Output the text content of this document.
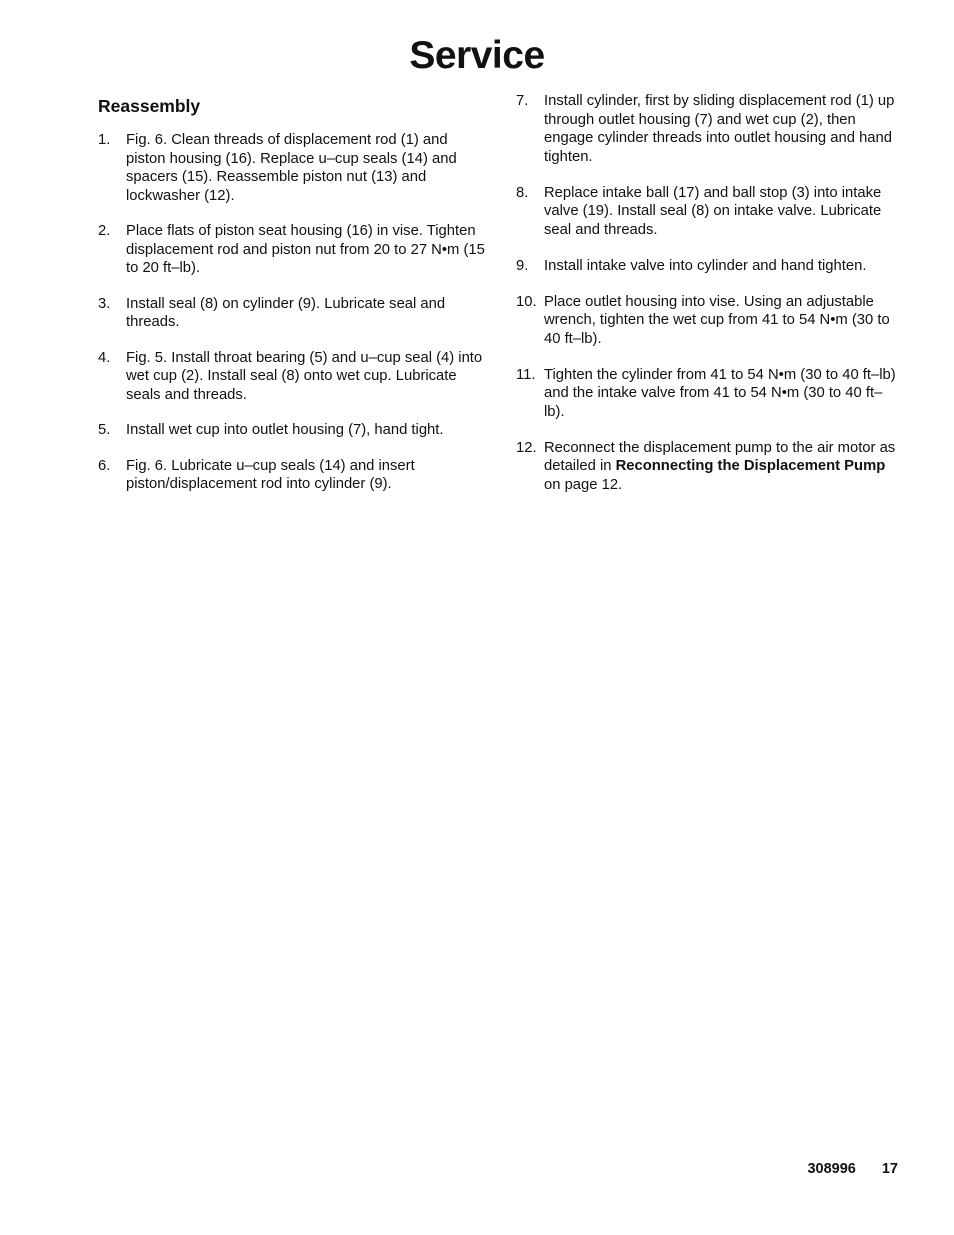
Service
Reassembly
1. Fig. 6. Clean threads of displacement rod (1) and piston housing (16). Replace u–cup seals (14) and spacers (15). Reassemble piston nut (13) and lockwasher (12).
2. Place flats of piston seat housing (16) in vise. Tighten displacement rod and piston nut from 20 to 27 N•m (15 to 20 ft–lb).
3. Install seal (8) on cylinder (9). Lubricate seal and threads.
4. Fig. 5. Install throat bearing (5) and u–cup seal (4) into wet cup (2). Install seal (8) onto wet cup. Lubricate seals and threads.
5. Install wet cup into outlet housing (7), hand tight.
6. Fig. 6. Lubricate u–cup seals (14) and insert piston/displacement rod into cylinder (9).
7. Install cylinder, first by sliding displacement rod (1) up through outlet housing (7) and wet cup (2), then engage cylinder threads into outlet housing and hand tighten.
8. Replace intake ball (17) and ball stop (3) into intake valve (19). Install seal (8) on intake valve. Lubricate seal and threads.
9. Install intake valve into cylinder and hand tighten.
10. Place outlet housing into vise. Using an adjustable wrench, tighten the wet cup from 41 to 54 N•m (30 to 40 ft–lb).
11. Tighten the cylinder from 41 to 54 N•m (30 to 40 ft–lb) and the intake valve from 41 to 54 N•m (30 to 40 ft–lb).
12. Reconnect the displacement pump to the air motor as detailed in Reconnecting the Displacement Pump on page 12.
308996 17
